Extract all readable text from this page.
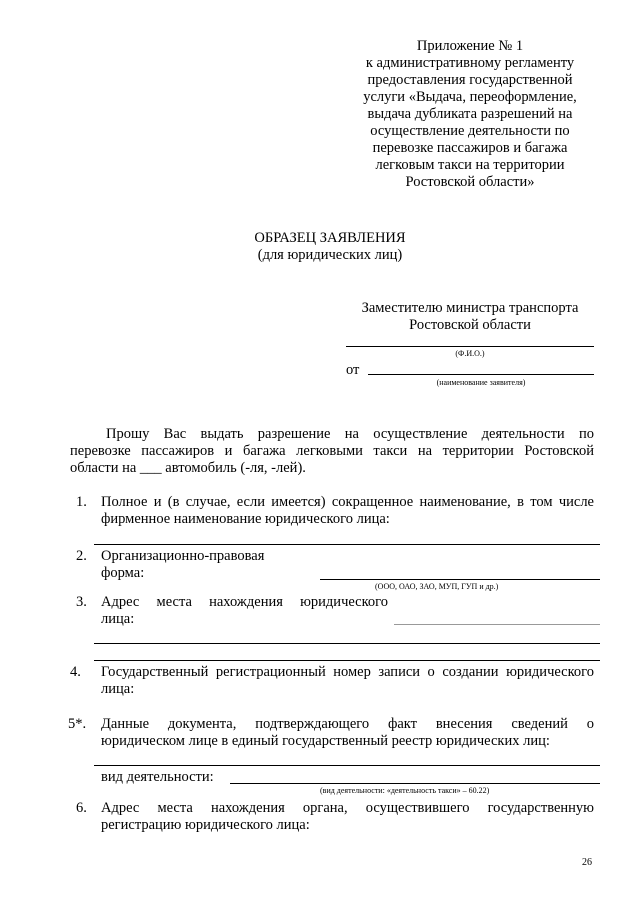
Приложение № 1
к административному регламенту
предоставления государственной
услуги «Выдача, переоформление,
выдача дубликата разрешений на
осуществление деятельности по
перевозке пассажиров и багажа
легковым такси на территории
Ростовской области»
ОБРАЗЕЦ ЗАЯВЛЕНИЯ
(для юридических лиц)
Заместителю министра транспорта
Ростовской области
(Ф.И.О.)
от
(наименование заявителя)
Прошу Вас выдать разрешение на осуществление деятельности по
перевозке пассажиров и багажа легковыми такси на территории Ростовской
области на ___ автомобиль (-ля, -лей).
1. Полное и (в случае, если имеется) сокращенное наименование, в том числе
фирменное наименование юридического лица:
2. Организационно-правовая
форма:
(ООО, ОАО, ЗАО, МУП, ГУП и др.)
3. Адрес места нахождения юридического
лица:
4. Государственный регистрационный номер записи о создании юридического
лица:
5*. Данные документа, подтверждающего факт внесения сведений о
юридическом лице в единый государственный реестр юридических лиц:
вид деятельности:
(вид деятельности: «деятельность такси» – 60.22)
6. Адрес места нахождения органа, осуществившего государственную
регистрацию юридического лица:
26
